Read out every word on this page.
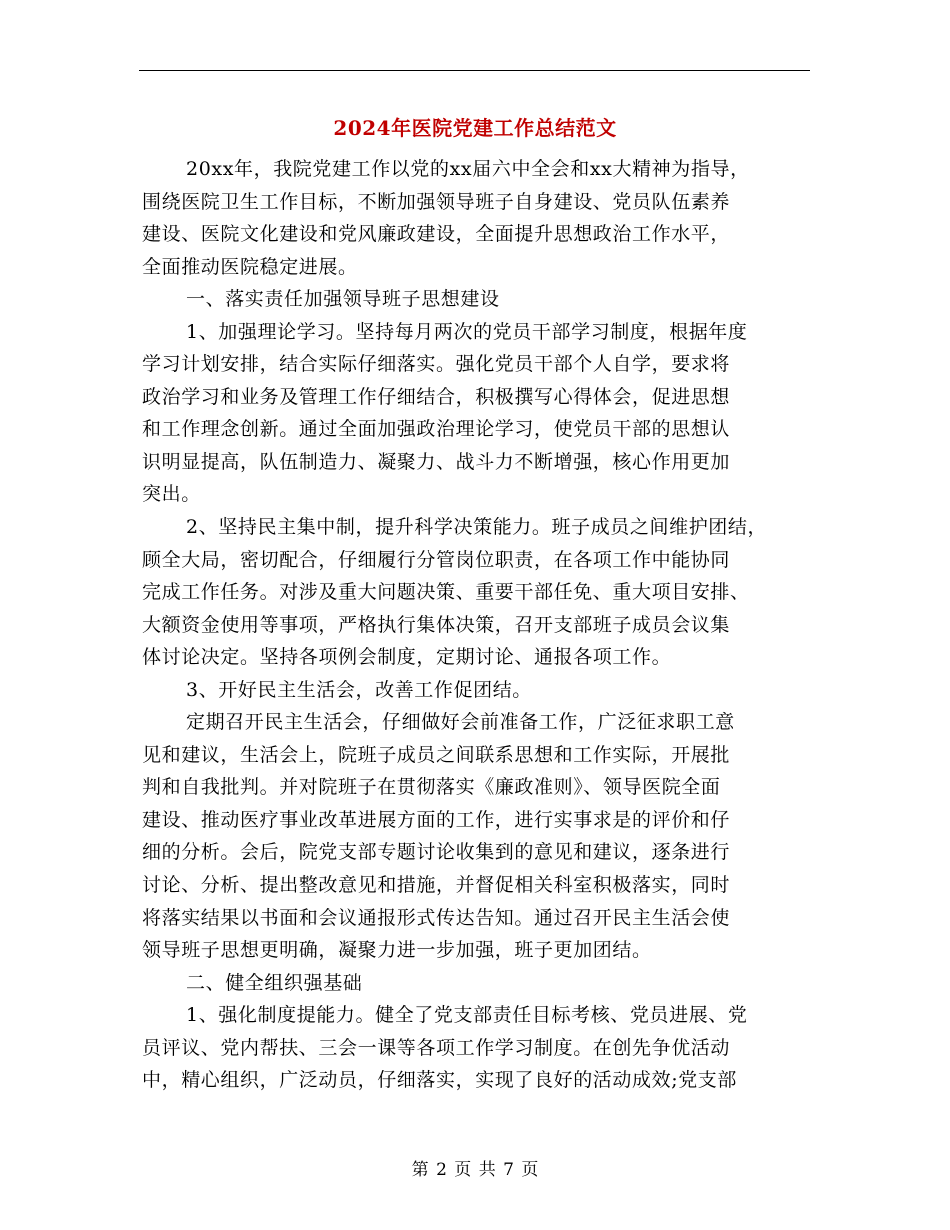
2024年医院党建工作总结范文
20xx年，我院党建工作以党的xx届六中全会和xx大精神为指导，
围绕医院卫生工作目标，不断加强领导班子自身建设、党员队伍素养
建设、医院文化建设和党风廉政建设，全面提升思想政治工作水平，
全面推动医院稳定进展。
一、落实责任加强领导班子思想建设
1、加强理论学习。坚持每月两次的党员干部学习制度，根据年度
学习计划安排，结合实际仔细落实。强化党员干部个人自学，要求将
政治学习和业务及管理工作仔细结合，积极撰写心得体会，促进思想
和工作理念创新。通过全面加强政治理论学习，使党员干部的思想认
识明显提高，队伍制造力、凝聚力、战斗力不断增强，核心作用更加
突出。
2、坚持民主集中制，提升科学决策能力。班子成员之间维护团结，
顾全大局，密切配合，仔细履行分管岗位职责，在各项工作中能协同
完成工作任务。对涉及重大问题决策、重要干部任免、重大项目安排、
大额资金使用等事项，严格执行集体决策，召开支部班子成员会议集
体讨论决定。坚持各项例会制度，定期讨论、通报各项工作。
3、开好民主生活会，改善工作促团结。
定期召开民主生活会，仔细做好会前准备工作，广泛征求职工意
见和建议，生活会上，院班子成员之间联系思想和工作实际，开展批
判和自我批判。并对院班子在贯彻落实《廉政准则》、领导医院全面
建设、推动医疗事业改革进展方面的工作，进行实事求是的评价和仔
细的分析。会后，院党支部专题讨论收集到的意见和建议，逐条进行
讨论、分析、提出整改意见和措施，并督促相关科室积极落实，同时
将落实结果以书面和会议通报形式传达告知。通过召开民主生活会使
领导班子思想更明确，凝聚力进一步加强，班子更加团结。
二、健全组织强基础
1、强化制度提能力。健全了党支部责任目标考核、党员进展、党
员评议、党内帮扶、三会一课等各项工作学习制度。在创先争优活动
中，精心组织，广泛动员，仔细落实，实现了良好的活动成效;党支部
第 2 页 共 7 页
